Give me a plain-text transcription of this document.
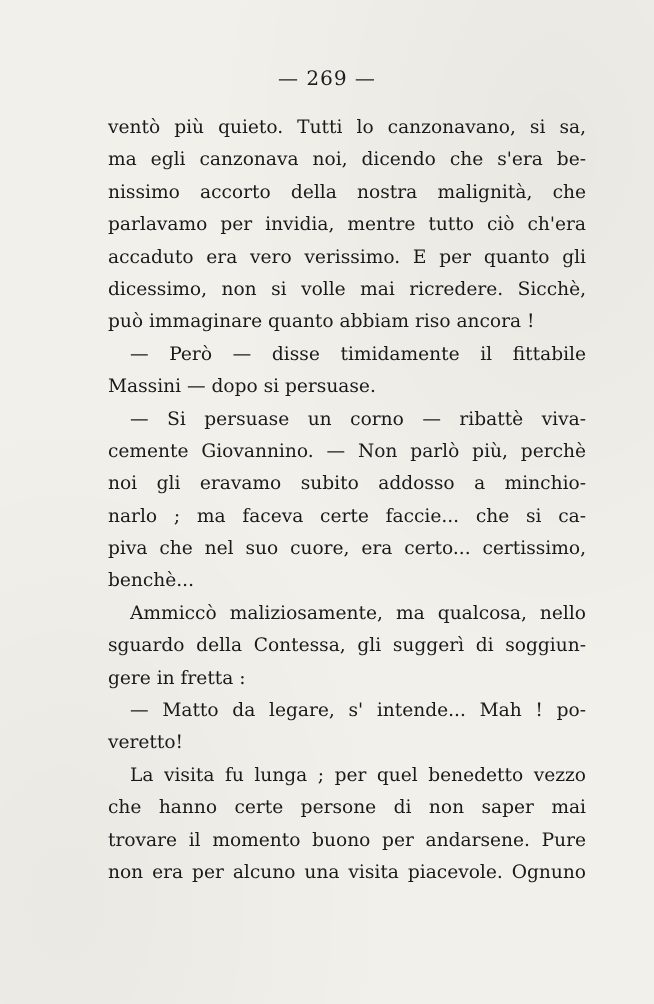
— 269 —

ventò più quieto. Tutti lo canzonavano, si sa,

ma egli canzonava noi, dicendo che s'era be-

nissimo accorto della nostra malignità, che

parlavamo per invidia, mentre tutto ciò ch'era

accaduto era vero verissimo. E per quanto gli

dicessimo, non si volle mai ricredere. Sicchè,

può immaginare quanto abbiam riso ancora !

— Però — disse timidamente il fittabile

Massini — dopo si persuase.

— Si persuase un corno — ribattè viva-

cemente Giovannino. — Non parlò più, perchè

noi gli eravamo subito addosso a minchio-

narlo ; ma faceva certe faccie... che si ca-

piva che nel suo cuore, era certo... certissimo,

benchè...

Ammiccò maliziosamente, ma qualcosa, nello

sguardo della Contessa, gli suggerì di soggiun-

gere in fretta :

— Matto da legare, s' intende... Mah ! po-

veretto!

La visita fu lunga ; per quel benedetto vezzo

che hanno certe persone di non saper mai

trovare il momento buono per andarsene. Pure

non era per alcuno una visita piacevole. Ognuno
